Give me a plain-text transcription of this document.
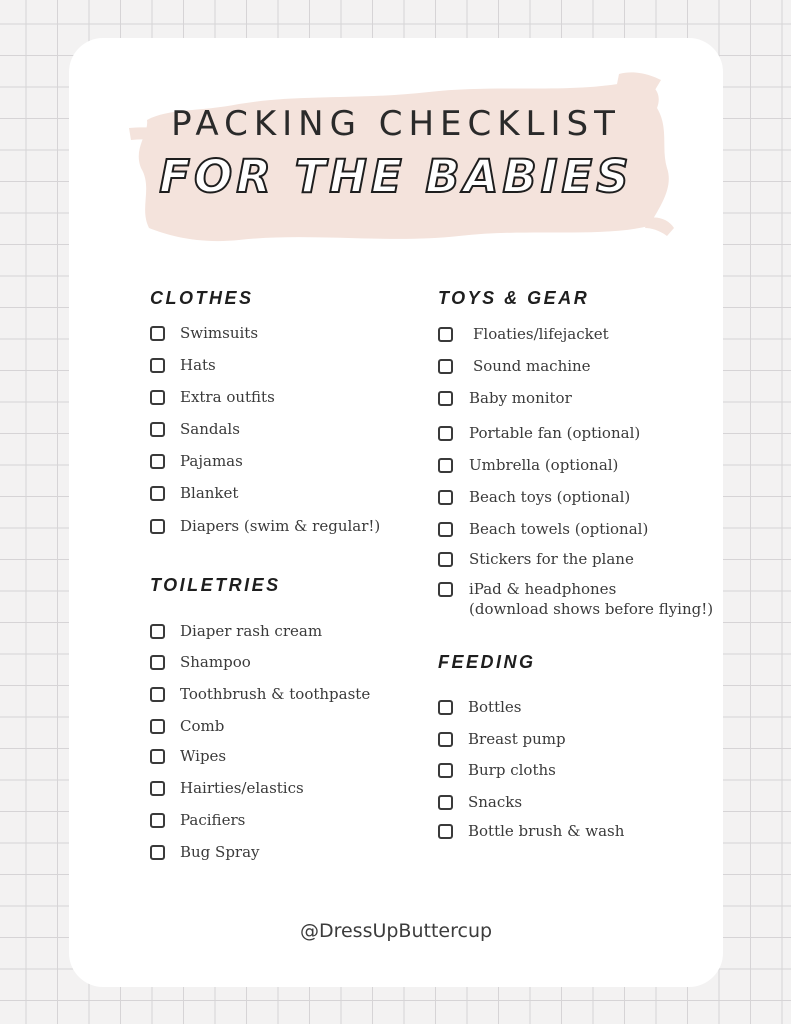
PACKING CHECKLIST
FOR THE BABIES
CLOTHES
Swimsuits
Hats
Extra outfits
Sandals
Pajamas
Blanket
Diapers (swim & regular!)
TOILETRIES
Diaper rash cream
Shampoo
Toothbrush & toothpaste
Comb
Wipes
Hairties/elastics
Pacifiers
Bug Spray
TOYS & GEAR
Floaties/lifejacket
Sound machine
Baby monitor
Portable fan (optional)
Umbrella (optional)
Beach toys (optional)
Beach towels (optional)
Stickers for the plane
iPad & headphones
(download shows before flying!)
FEEDING
Bottles
Breast pump
Burp cloths
Snacks
Bottle brush & wash
@DressUpButtercup
